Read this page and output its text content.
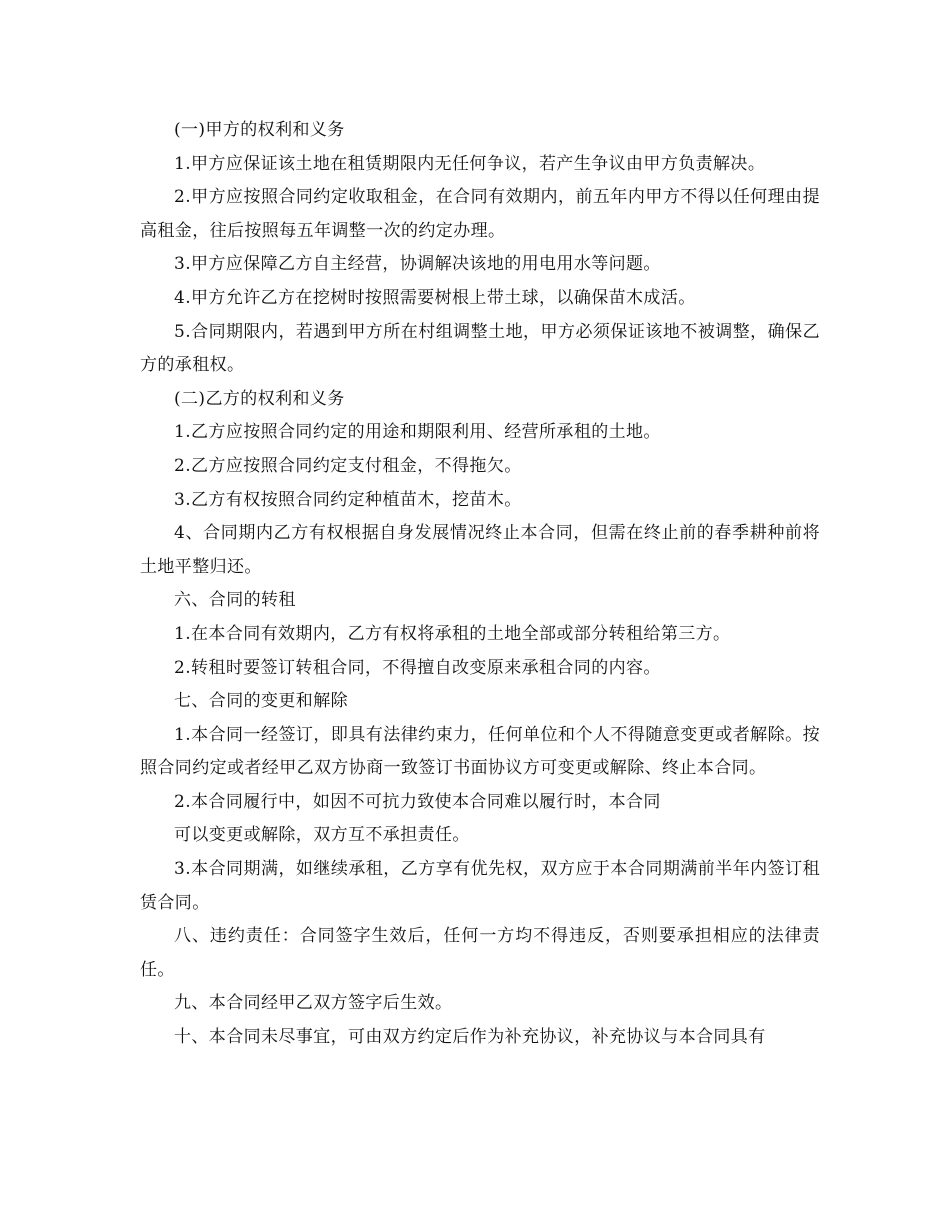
(一)甲方的权利和义务

1.甲方应保证该土地在租赁期限内无任何争议，若产生争议由甲方负责解决。

2.甲方应按照合同约定收取租金，在合同有效期内，前五年内甲方不得以任何理由提高租金，往后按照每五年调整一次的约定办理。

3.甲方应保障乙方自主经营，协调解决该地的用电用水等问题。

4.甲方允许乙方在挖树时按照需要树根上带土球，以确保苗木成活。

5.合同期限内，若遇到甲方所在村组调整土地，甲方必须保证该地不被调整，确保乙方的承租权。

(二)乙方的权利和义务

1.乙方应按照合同约定的用途和期限利用、经营所承租的土地。

2.乙方应按照合同约定支付租金，不得拖欠。

3.乙方有权按照合同约定种植苗木，挖苗木。

4、合同期内乙方有权根据自身发展情况终止本合同，但需在终止前的春季耕种前将土地平整归还。

六、合同的转租

1.在本合同有效期内，乙方有权将承租的土地全部或部分转租给第三方。

2.转租时要签订转租合同，不得擅自改变原来承租合同的内容。

七、合同的变更和解除

1.本合同一经签订，即具有法律约束力，任何单位和个人不得随意变更或者解除。按照合同约定或者经甲乙双方协商一致签订书面协议方可变更或解除、终止本合同。

2.本合同履行中，如因不可抗力致使本合同难以履行时，本合同

可以变更或解除，双方互不承担责任。

3.本合同期满，如继续承租，乙方享有优先权，双方应于本合同期满前半年内签订租赁合同。

八、违约责任：合同签字生效后，任何一方均不得违反，否则要承担相应的法律责任。

九、本合同经甲乙双方签字后生效。

十、本合同未尽事宜，可由双方约定后作为补充协议，补充协议与本合同具有
